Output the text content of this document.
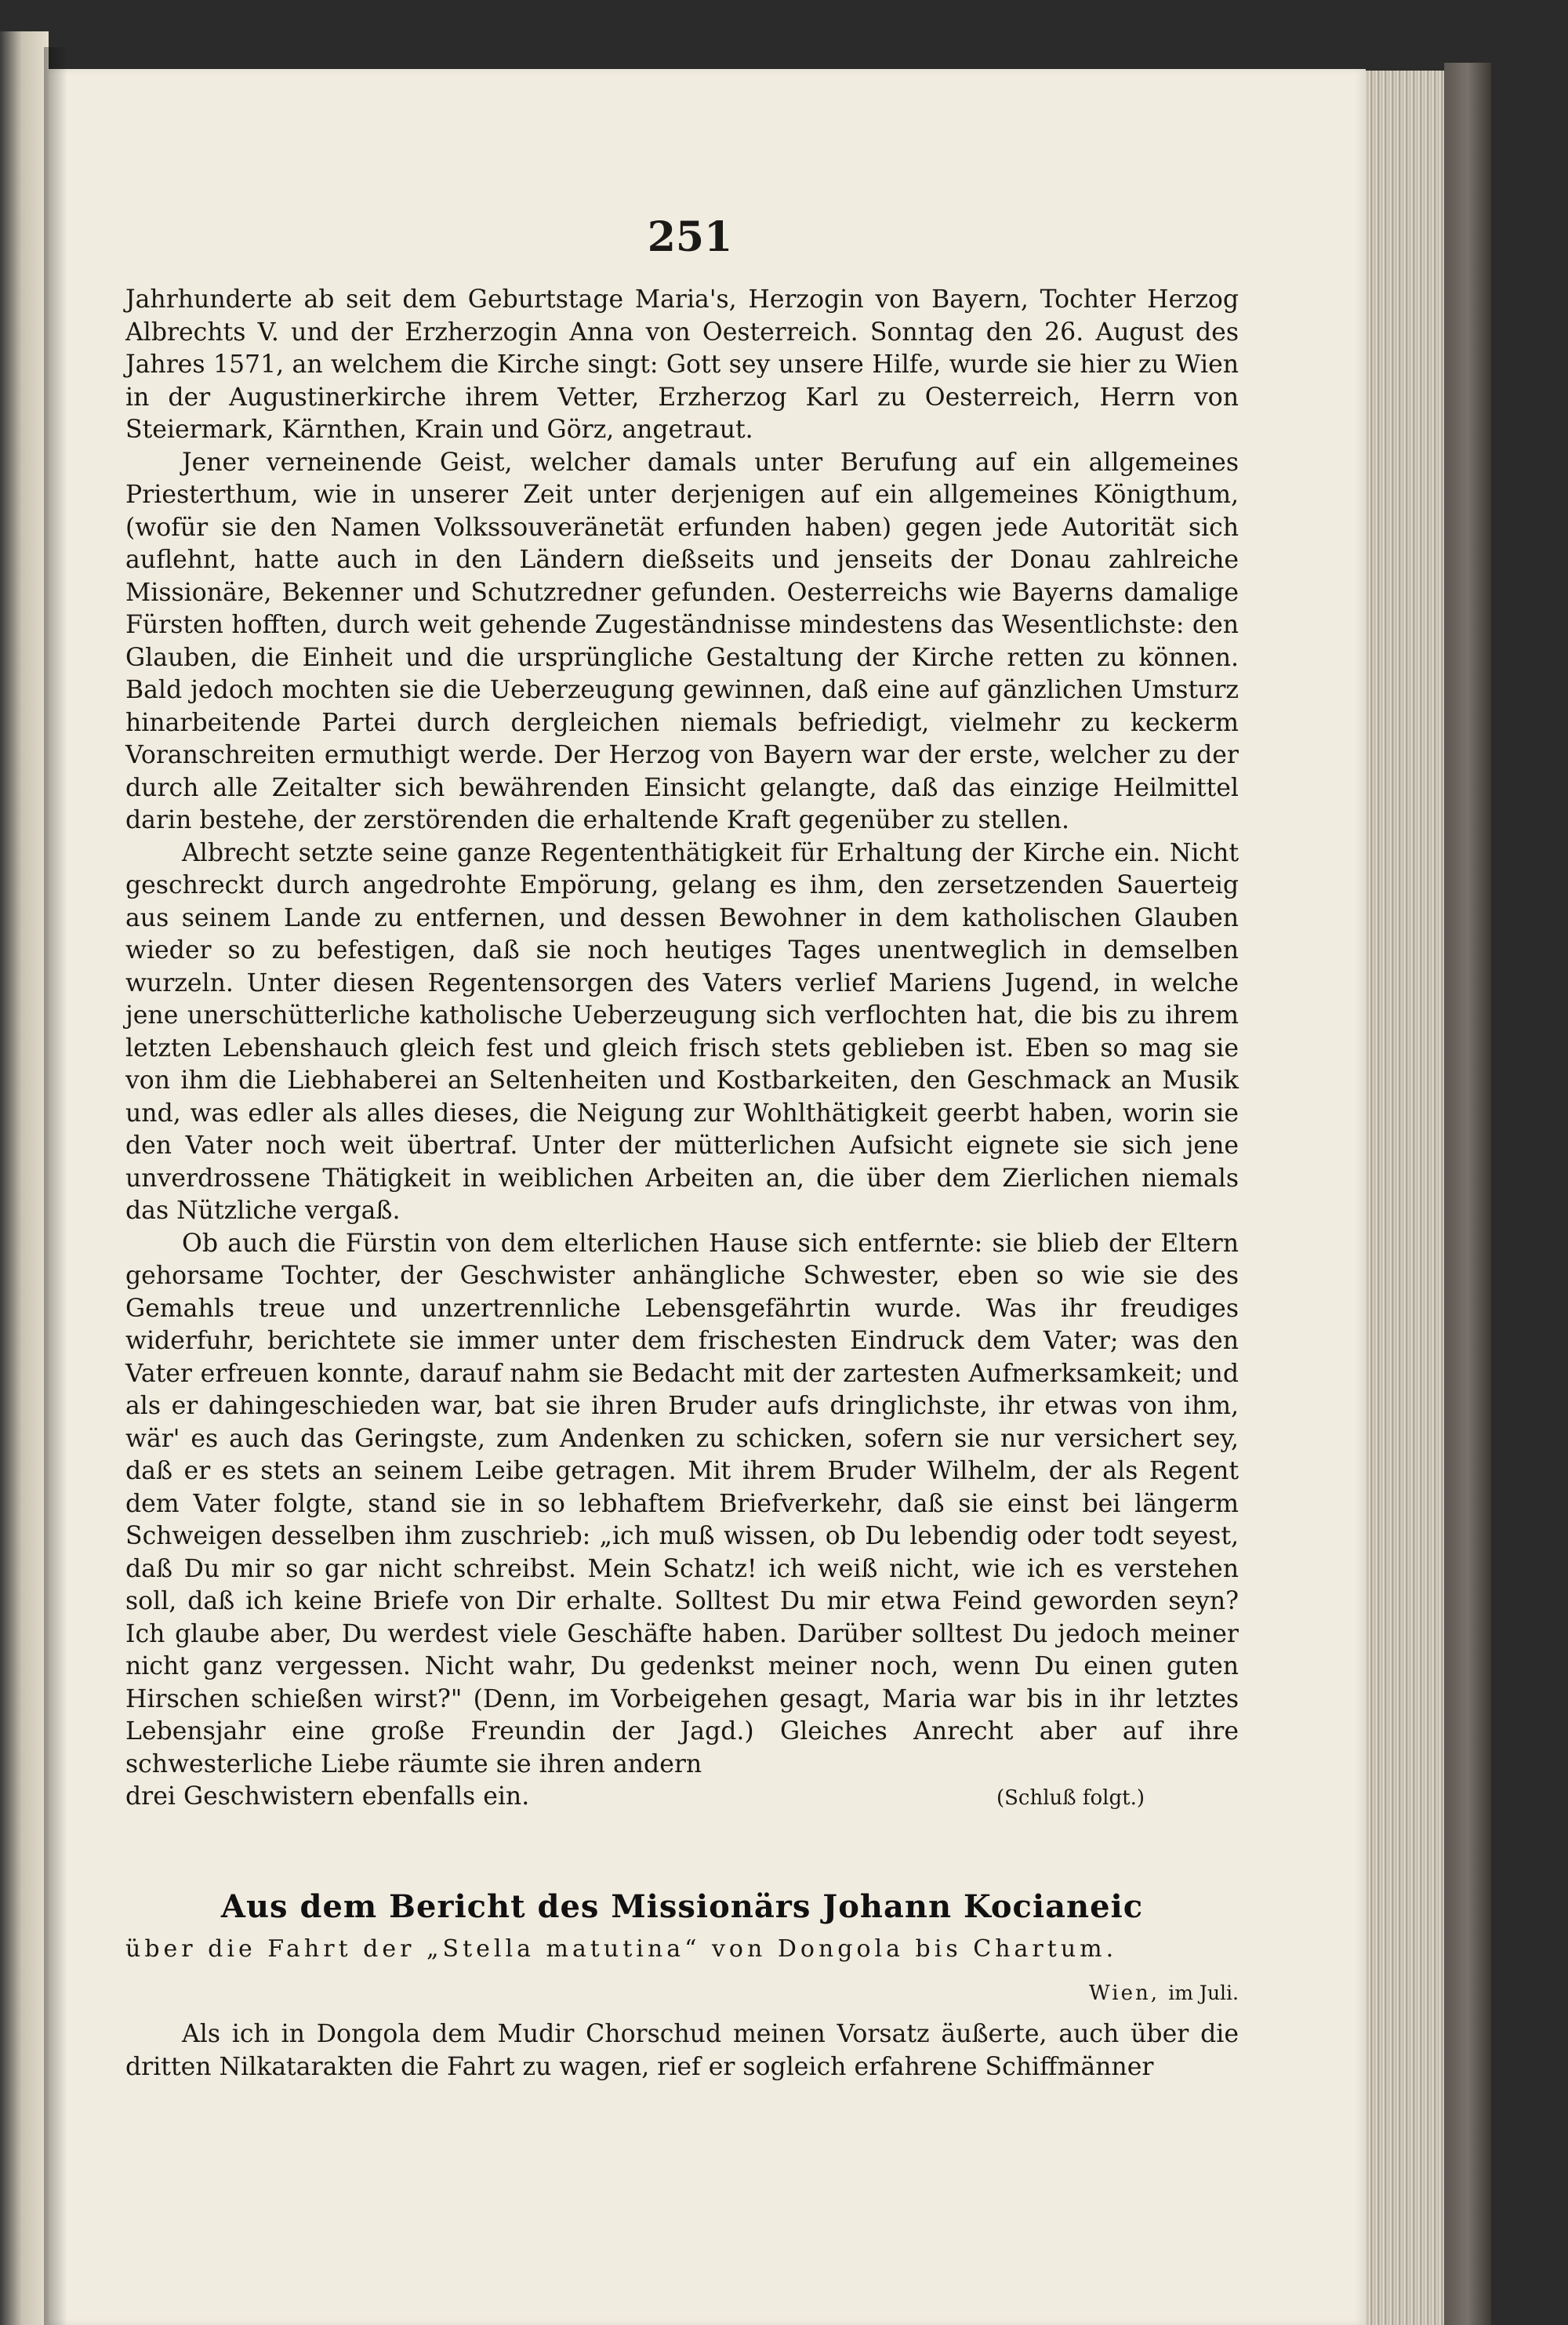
251

Jahrhunderte ab seit dem Geburtstage Maria's, Herzogin von Bayern, Tochter Herzog Albrechts V. und der Erzherzogin Anna von Oesterreich. Sonntag den 26. August des Jahres 1571, an welchem die Kirche singt: Gott sey unsere Hilfe, wurde sie hier zu Wien in der Augustinerkirche ihrem Vetter, Erzherzog Karl zu Oesterreich, Herrn von Steiermark, Kärnthen, Krain und Görz, angetraut.

Jener verneinende Geist, welcher damals unter Berufung auf ein allgemeines Priesterthum, wie in unserer Zeit unter derjenigen auf ein allgemeines Königthum, (wofür sie den Namen Volkssouveränetät erfunden haben) gegen jede Autorität sich auflehnt, hatte auch in den Ländern dießseits und jenseits der Donau zahlreiche Missionäre, Bekenner und Schutzredner gefunden. Oesterreichs wie Bayerns damalige Fürsten hofften, durch weit gehende Zugeständnisse mindestens das Wesentlichste: den Glauben, die Einheit und die ursprüngliche Gestaltung der Kirche retten zu können. Bald jedoch mochten sie die Ueberzeugung gewinnen, daß eine auf gänzlichen Umsturz hinarbeitende Partei durch dergleichen niemals befriedigt, vielmehr zu keckerm Voranschreiten ermuthigt werde. Der Herzog von Bayern war der erste, welcher zu der durch alle Zeitalter sich bewährenden Einsicht gelangte, daß das einzige Heilmittel darin bestehe, der zerstörenden die erhaltende Kraft gegenüber zu stellen.

Albrecht setzte seine ganze Regententhätigkeit für Erhaltung der Kirche ein. Nicht geschreckt durch angedrohte Empörung, gelang es ihm, den zersetzenden Sauerteig aus seinem Lande zu entfernen, und dessen Bewohner in dem katholischen Glauben wieder so zu befestigen, daß sie noch heutiges Tages unentweglich in demselben wurzeln. Unter diesen Regentensorgen des Vaters verlief Mariens Jugend, in welche jene unerschütterliche katholische Ueberzeugung sich verflochten hat, die bis zu ihrem letzten Lebenshauch gleich fest und gleich frisch stets geblieben ist. Eben so mag sie von ihm die Liebhaberei an Seltenheiten und Kostbarkeiten, den Geschmack an Musik und, was edler als alles dieses, die Neigung zur Wohlthätigkeit geerbt haben, worin sie den Vater noch weit übertraf. Unter der mütterlichen Aufsicht eignete sie sich jene unverdrossene Thätigkeit in weiblichen Arbeiten an, die über dem Zierlichen niemals das Nützliche vergaß.

Ob auch die Fürstin von dem elterlichen Hause sich entfernte: sie blieb der Eltern gehorsame Tochter, der Geschwister anhängliche Schwester, eben so wie sie des Gemahls treue und unzertrennliche Lebensgefährtin wurde. Was ihr freudiges widerfuhr, berichtete sie immer unter dem frischesten Eindruck dem Vater; was den Vater erfreuen konnte, darauf nahm sie Bedacht mit der zartesten Aufmerksamkeit; und als er dahingeschieden war, bat sie ihren Bruder aufs dringlichste, ihr etwas von ihm, wär' es auch das Geringste, zum Andenken zu schicken, sofern sie nur versichert sey, daß er es stets an seinem Leibe getragen. Mit ihrem Bruder Wilhelm, der als Regent dem Vater folgte, stand sie in so lebhaftem Briefverkehr, daß sie einst bei längerm Schweigen desselben ihm zuschrieb: „ich muß wissen, ob Du lebendig oder todt seyest, daß Du mir so gar nicht schreibst. Mein Schatz! ich weiß nicht, wie ich es verstehen soll, daß ich keine Briefe von Dir erhalte. Solltest Du mir etwa Feind geworden seyn? Ich glaube aber, Du werdest viele Geschäfte haben. Darüber solltest Du jedoch meiner nicht ganz vergessen. Nicht wahr, Du gedenkst meiner noch, wenn Du einen guten Hirschen schießen wirst?" (Denn, im Vorbeigehen gesagt, Maria war bis in ihr letztes Lebensjahr eine große Freundin der Jagd.) Gleiches Anrecht aber auf ihre schwesterliche Liebe räumte sie ihren andern

drei Geschwistern ebenfalls ein.	(Schluß folgt.)
Aus dem Bericht des Missionärs Johann Kocianeic
über die Fahrt der „Stella matutina“ von Dongola bis Chartum.
Wien, im Juli.

Als ich in Dongola dem Mudir Chorschud meinen Vorsatz äußerte, auch über die dritten Nilkatarakten die Fahrt zu wagen, rief er sogleich erfahrene Schiffmänner
